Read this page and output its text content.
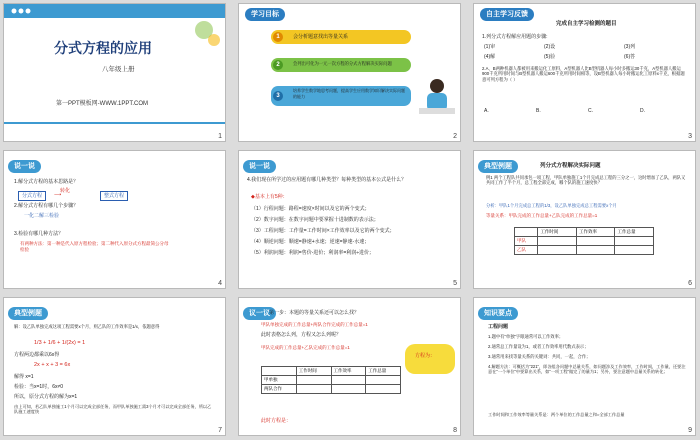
分式方程的应用
八年级上册
第一PPT模板网-WWW.1PPT.COM
1
学习目标
1	会分析题意找出等量关系
2	会列出可化为一元一次方程的分式方程解决实际问题
3
培养学生数学地思考问题，提高学生应用数学知识解决实际问题的能力
2
自主学习反馈
完成自主学习检测的题目
1.列分式方程解应用题的步骤:
(1)审	(2)设	(3)列
(4)解	(5)验	(6)答
2.A、B两种机器人都被用来搬运化工原料，A型机器人比B型机器人每小时多搬运30千克，A型机器人搬运900千克所用时间与B型机器人搬运600千克所用时间相等，设B型机器人每小时搬运化工原料x千克，根据题意可列方程为（ ）
A.	B.	C.	D.
3
说一说
1.解分式方程的基本思路是？
分式方程
转化
⟶	整式方程
2.解分式方程有哪几个步骤？
一化二解三检验
3.检验有哪几种方法？
有两种方法：第一种是代入原方程检验；第二种代入原分式方程最简公分母检验
4
说一说
4.我们现在所学过的应用题有哪几种类型？每种类型的基本公式是什么？
◆基本上有5种：
（1）行程问题：路程=速度×时间以及它的两个变式；
（2）数字问题：在数字问题中要掌握十进制数的表示法；
（3）工程问题：工作量=工作时间×工作效率以及它的两个变式；
（4）顺逆问题：顺速=静速+水速；逆速=静速-水速；
（5）利润问题：利润=售价-进价；利润率=利润÷进价；
5
典型例题	列分式方程解决实际问题
例1 两个工程队共同承包一项工程，甲队单独施工1个月完成总工程的三分之一，这时增加了乙队，两队又共同工作了半个月，总工程全部完成，哪个队的施工速度快？
分析：甲队1个月完成总工程的1/3，设乙队单独完成总工程需要x个月
等量关系：甲队完成的工作总量+乙队完成的工作总量=1
	工作时间	工作效率	工作总量
甲队			
乙队			
6
典型例题
解：设乙队单独完成这项工程需要x个月，则乙队的工作效率是1/x，依题意得
1/3 + 1/6 + 1/(2x) = 1
方程两边都乘以6x得
2x + x + 3 = 6x
解得 x=1
检验：当x=1时，6x≠0
所以，原分式方程的解为x=1
由上可知，若乙队单独施工1个月可以完成全部任务，而甲队单独施工需3个月才可以完成全部任务，所以乙队施工速度快
7
议一议 第一步：本题的等量关系还可以怎么找？
甲队单独完成的工作总量+两队合作完成的工作总量=1
此时表格怎么列，方程又怎么列呢？
甲队完成的工作总量+乙队完成的工作总量=1
方程为：
	工作时间	工作效率	工作总量
甲单独			
两队合作			
此时方程是：
8
知识要点
工程问题
1.题中有“单独”字眼通常可以工作效率；
2.通常总工作量设为1，或者工作效率用代数式表示；
3.通常用来找等量关系的关键词：共同，一起，合作；
4.解题方法：可概括为“221”，即各组各问题中总量关系，如问题涉及工作效率，工作时间，工作量，还要注意在“一个单位”中要算出关系，如“一项工程”做完了的量为1；另外，要注意题中总量关系的转化；
工作时间和工作效率等量关系是：两个单位的工作总量之和=全部工作总量
9
